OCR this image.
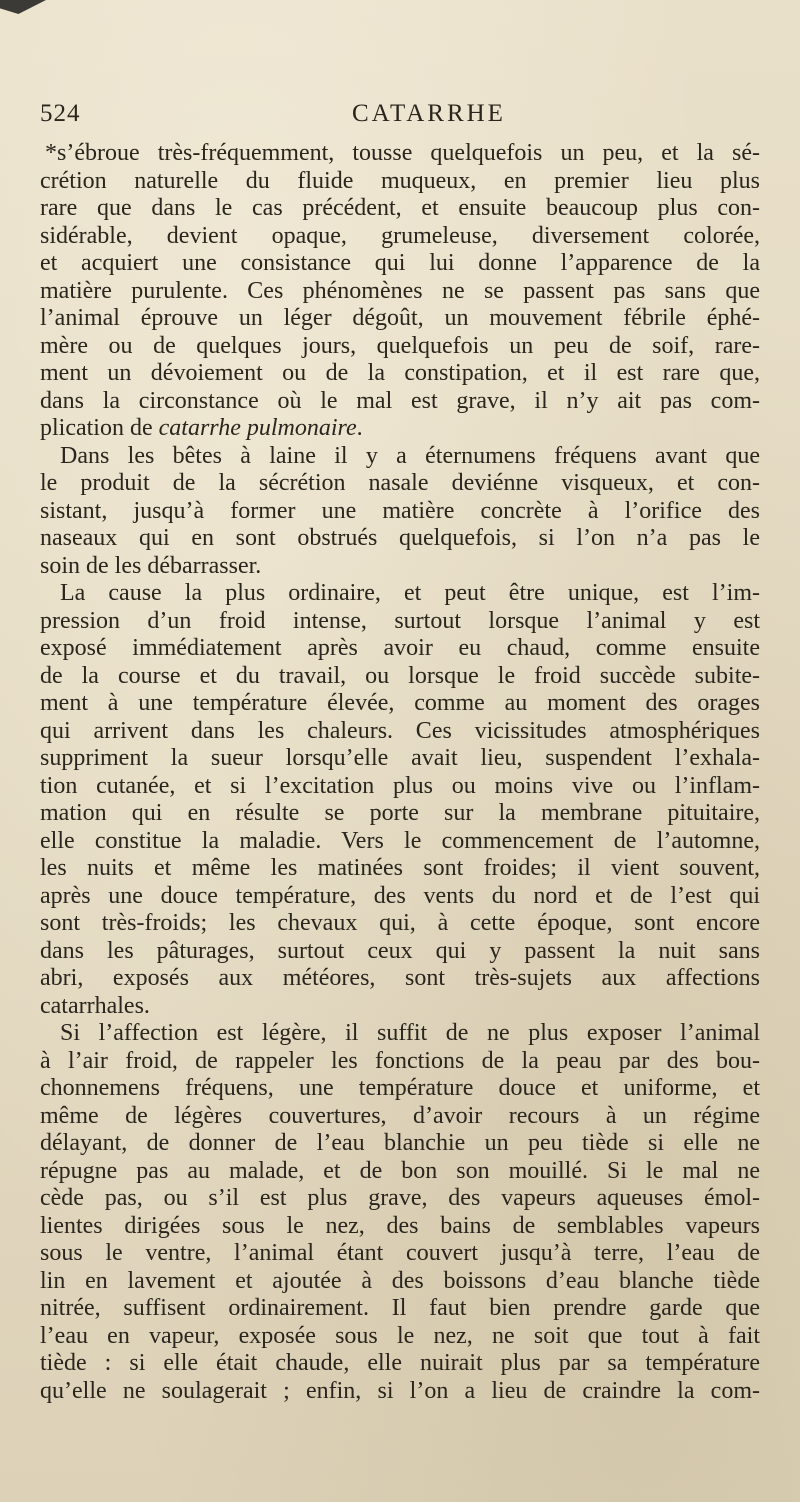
524	CATARRHE
*s’ébroue très-fréquemment, tousse quelquefois un peu, et la sé-
crétion naturelle du fluide muqueux, en premier lieu plus
rare que dans le cas précédent, et ensuite beaucoup plus con-
sidérable, devient opaque, grumeleuse, diversement colorée,
et acquiert une consistance qui lui donne l’apparence de la
matière purulente. Ces phénomènes ne se passent pas sans que
l’animal éprouve un léger dégoût, un mouvement fébrile éphé-
mère ou de quelques jours, quelquefois un peu de soif, rare-
ment un dévoiement ou de la constipation, et il est rare que,
dans la circonstance où le mal est grave, il n’y ait pas com-
plication de catarrhe pulmonaire.
Dans les bêtes à laine il y a éternumens fréquens avant que
le produit de la sécrétion nasale deviénne visqueux, et con-
sistant, jusqu’à former une matière concrète à l’orifice des
naseaux qui en sont obstrués quelquefois, si l’on n’a pas le
soin de les débarrasser.
La cause la plus ordinaire, et peut être unique, est l’im-
pression d’un froid intense, surtout lorsque l’animal y est
exposé immédiatement après avoir eu chaud, comme ensuite
de la course et du travail, ou lorsque le froid succède subite-
ment à une température élevée, comme au moment des orages
qui arrivent dans les chaleurs. Ces vicissitudes atmosphériques
suppriment la sueur lorsqu’elle avait lieu, suspendent l’exhala-
tion cutanée, et si l’excitation plus ou moins vive ou l’inflam-
mation qui en résulte se porte sur la membrane pituitaire,
elle constitue la maladie. Vers le commencement de l’automne,
les nuits et même les matinées sont froides; il vient souvent,
après une douce température, des vents du nord et de l’est qui
sont très-froids; les chevaux qui, à cette époque, sont encore
dans les pâturages, surtout ceux qui y passent la nuit sans
abri, exposés aux météores, sont très-sujets aux affections
catarrhales.
Si l’affection est légère, il suffit de ne plus exposer l’animal
à l’air froid, de rappeler les fonctions de la peau par des bou-
chonnemens fréquens, une température douce et uniforme, et
même de légères couvertures, d’avoir recours à un régime
délayant, de donner de l’eau blanchie un peu tiède si elle ne
répugne pas au malade, et de bon son mouillé. Si le mal ne
cède pas, ou s’il est plus grave, des vapeurs aqueuses émol-
lientes dirigées sous le nez, des bains de semblables vapeurs
sous le ventre, l’animal étant couvert jusqu’à terre, l’eau de
lin en lavement et ajoutée à des boissons d’eau blanche tiède
nitrée, suffisent ordinairement. Il faut bien prendre garde que
l’eau en vapeur, exposée sous le nez, ne soit que tout à fait
tiède : si elle était chaude, elle nuirait plus par sa température
qu’elle ne soulagerait ; enfin, si l’on a lieu de craindre la com-
